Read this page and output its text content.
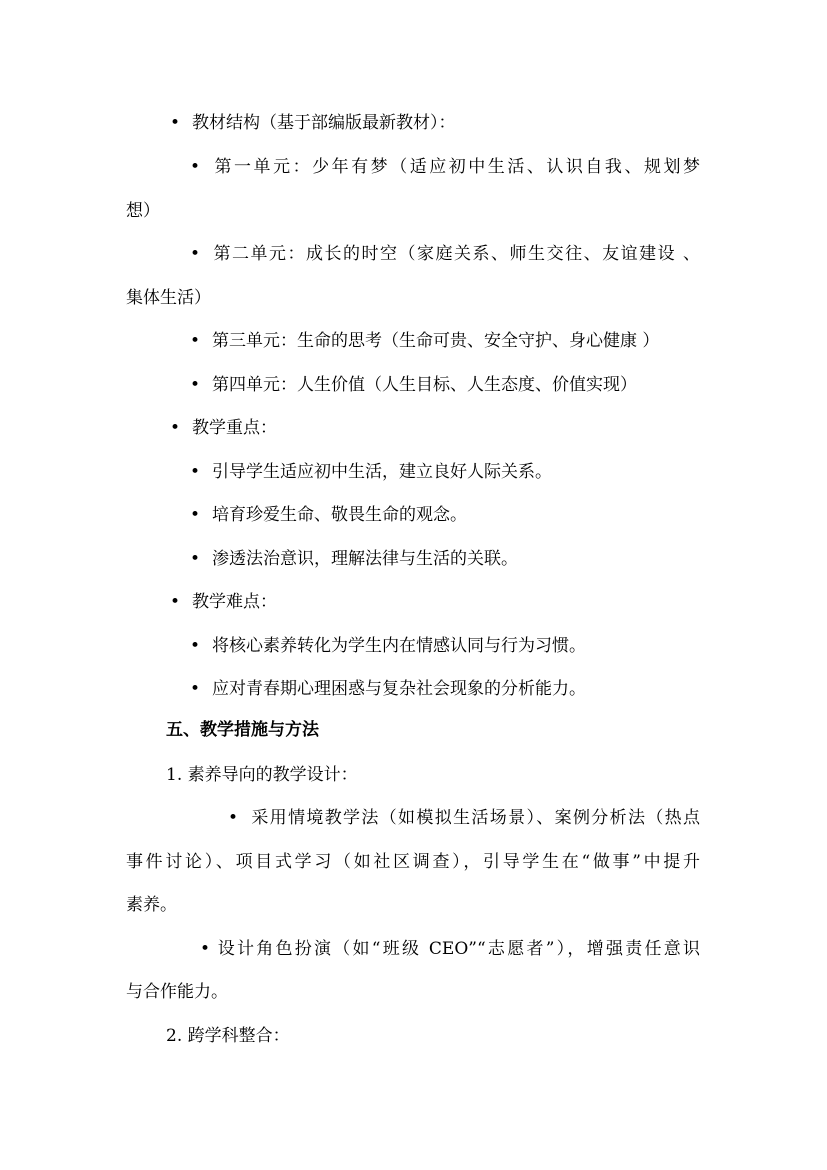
• 教材结构（基于部编版最新教材）：
• 第一单元：少年有梦（适应初中生活、认识自我、规划梦
想）
• 第二单元：成长的时空（家庭关系、师生交往、友谊建设 、
集体生活）
• 第三单元：生命的思考（生命可贵、安全守护、身心健康 ）
• 第四单元：人生价值（人生目标、人生态度、价值实现）
• 教学重点：
• 引导学生适应初中生活，建立良好人际关系。
• 培育珍爱生命、敬畏生命的观念。
• 渗透法治意识，理解法律与生活的关联。
• 教学难点：
• 将核心素养转化为学生内在情感认同与行为习惯。
• 应对青春期心理困惑与复杂社会现象的分析能力。
五、教学措施与方法
1. 素养导向的教学设计：
• 采用情境教学法（如模拟生活场景）、案例分析法（热点
事件讨论）、项目式学习（如社区调查），引导学生在“做事”中提升
素养。
• 设计角色扮演（如“班级 CEO”“志愿者”），增强责任意识
与合作能力。
2. 跨学科整合：
